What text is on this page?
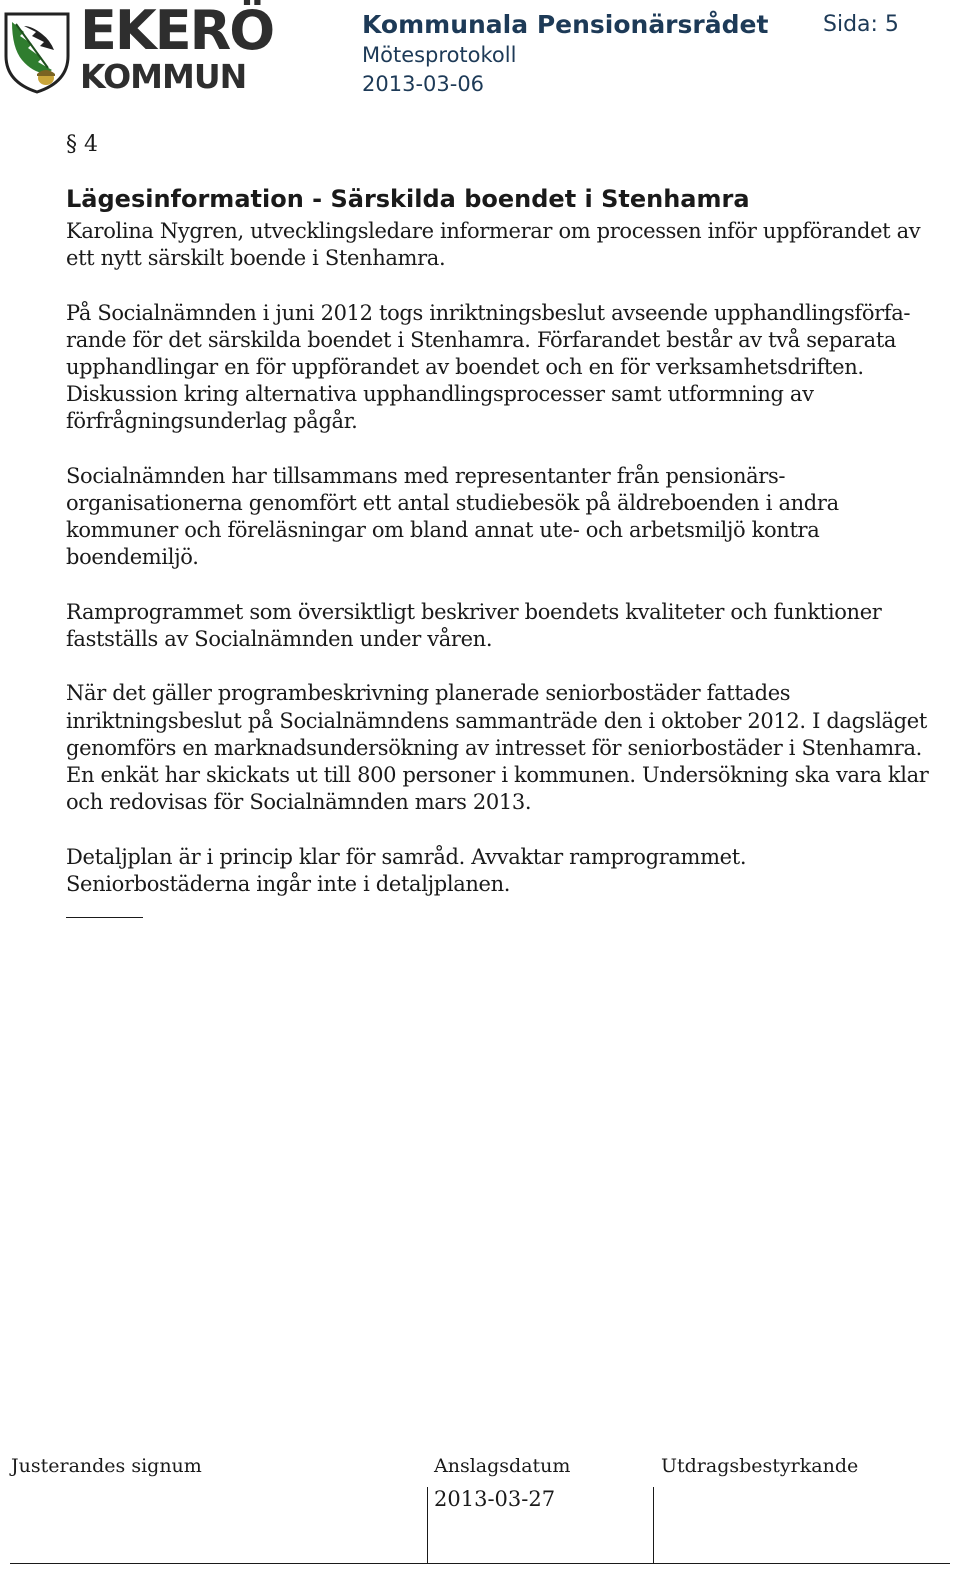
EKERÖ
KOMMUN
Kommunala Pensionärsrådet Sida: 5
Mötesprotokoll
2013-03-06
§ 4
Lägesinformation - Särskilda boendet i Stenhamra

Karolina Nygren, utvecklingsledare informerar om processen inför uppförandet av
ett nytt särskilt boende i Stenhamra.

På Socialnämnden i juni 2012 togs inriktningsbeslut avseende upphandlingsförfa-
rande för det särskilda boendet i Stenhamra. Förfarandet består av två separata
upphandlingar en för uppförandet av boendet och en för verksamhetsdriften.
Diskussion kring alternativa upphandlingsprocesser samt utformning av
förfrågningsunderlag pågår.

Socialnämnden har tillsammans med representanter från pensionärs-
organisationerna genomfört ett antal studiebesök på äldreboenden i andra
kommuner och föreläsningar om bland annat ute- och arbetsmiljö kontra
boendemiljö.

Ramprogrammet som översiktligt beskriver boendets kvaliteter och funktioner
fastställs av Socialnämnden under våren.

När det gäller programbeskrivning planerade seniorbostäder fattades
inriktningsbeslut på Socialnämndens sammanträde den i oktober 2012. I dagsläget
genomförs en marknadsundersökning av intresset för seniorbostäder i Stenhamra.
En enkät har skickats ut till 800 personer i kommunen. Undersökning ska vara klar
och redovisas för Socialnämnden mars 2013.

Detaljplan är i princip klar för samråd. Avvaktar ramprogrammet.
Seniorbostäderna ingår inte i detaljplanen.

Justerandes signum	Anslagsdatum	Utdragsbestyrkande
2013-03-27
